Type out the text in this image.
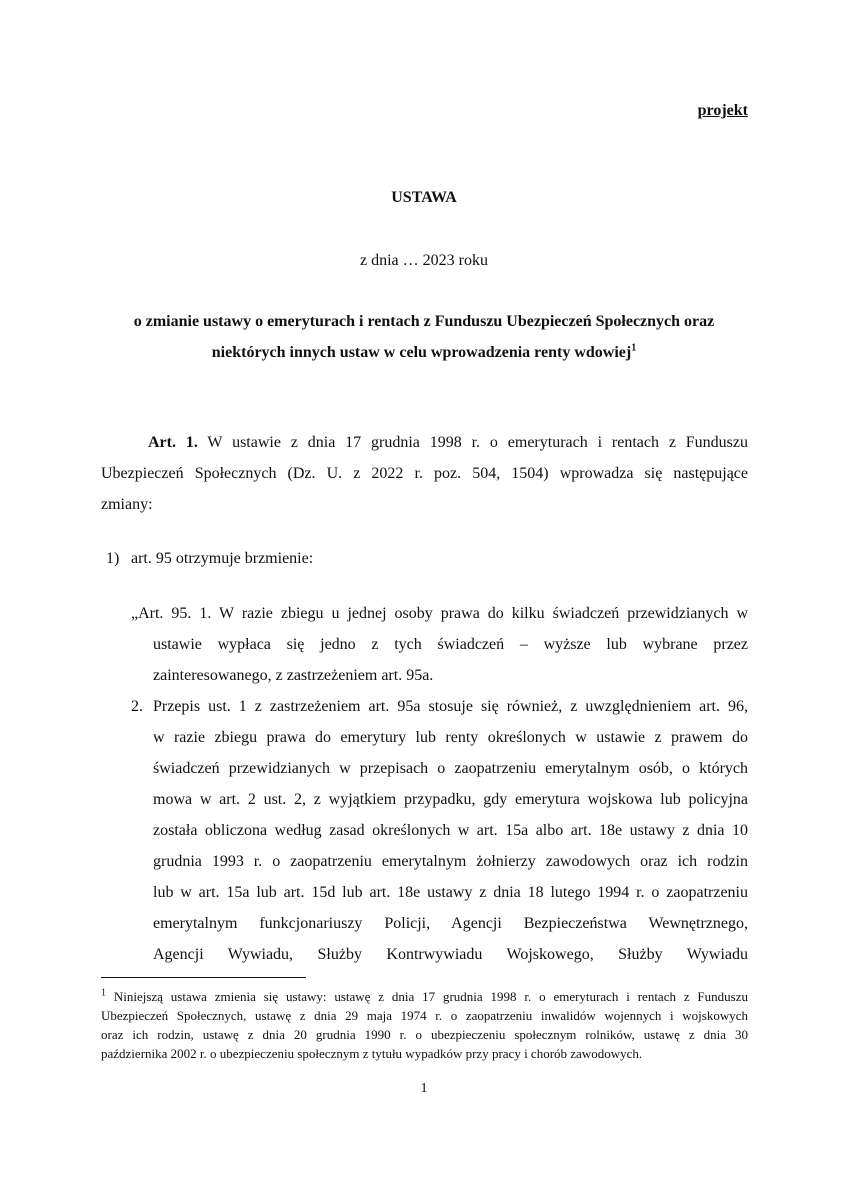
projekt
USTAWA
z dnia … 2023 roku
o zmianie ustawy o emeryturach i rentach z Funduszu Ubezpieczeń Społecznych oraz
niektórych innych ustaw w celu wprowadzenia renty wdowiej$^1$
Art. 1. W ustawie z dnia 17 grudnia 1998 r. o emeryturach i rentach z Funduszu
Ubezpieczeń Społecznych (Dz. U. z 2022 r. poz. 504, 1504) wprowadza się następujące
zmiany:
1) art. 95 otrzymuje brzmienie:
„Art. 95. 1. W razie zbiegu u jednej osoby prawa do kilku świadczeń przewidzianych w
ustawie wypłaca się jedno z tych świadczeń – wyższe lub wybrane przez
zainteresowanego, z zastrzeżeniem art. 95a.
2. Przepis ust. 1 z zastrzeżeniem art. 95a stosuje się również, z uwzględnieniem art. 96,
w razie zbiegu prawa do emerytury lub renty określonych w ustawie z prawem do
świadczeń przewidzianych w przepisach o zaopatrzeniu emerytalnym osób, o których
mowa w art. 2 ust. 2, z wyjątkiem przypadku, gdy emerytura wojskowa lub policyjna
została obliczona według zasad określonych w art. 15a albo art. 18e ustawy z dnia 10
grudnia 1993 r. o zaopatrzeniu emerytalnym żołnierzy zawodowych oraz ich rodzin
lub w art. 15a lub art. 15d lub art. 18e ustawy z dnia 18 lutego 1994 r. o zaopatrzeniu
emerytalnym funkcjonariuszy Policji, Agencji Bezpieczeństwa Wewnętrznego,
Agencji Wywiadu, Służby Kontrwywiadu Wojskowego, Służby Wywiadu
$^1$ Niniejszą ustawa zmienia się ustawy: ustawę z dnia 17 grudnia 1998 r. o emeryturach i rentach z Funduszu
Ubezpieczeń Społecznych, ustawę z dnia 29 maja 1974 r. o zaopatrzeniu inwalidów wojennych i wojskowych
oraz ich rodzin, ustawę z dnia 20 grudnia 1990 r. o ubezpieczeniu społecznym rolników, ustawę z dnia 30
października 2002 r. o ubezpieczeniu społecznym z tytułu wypadków przy pracy i chorób zawodowych.
1
